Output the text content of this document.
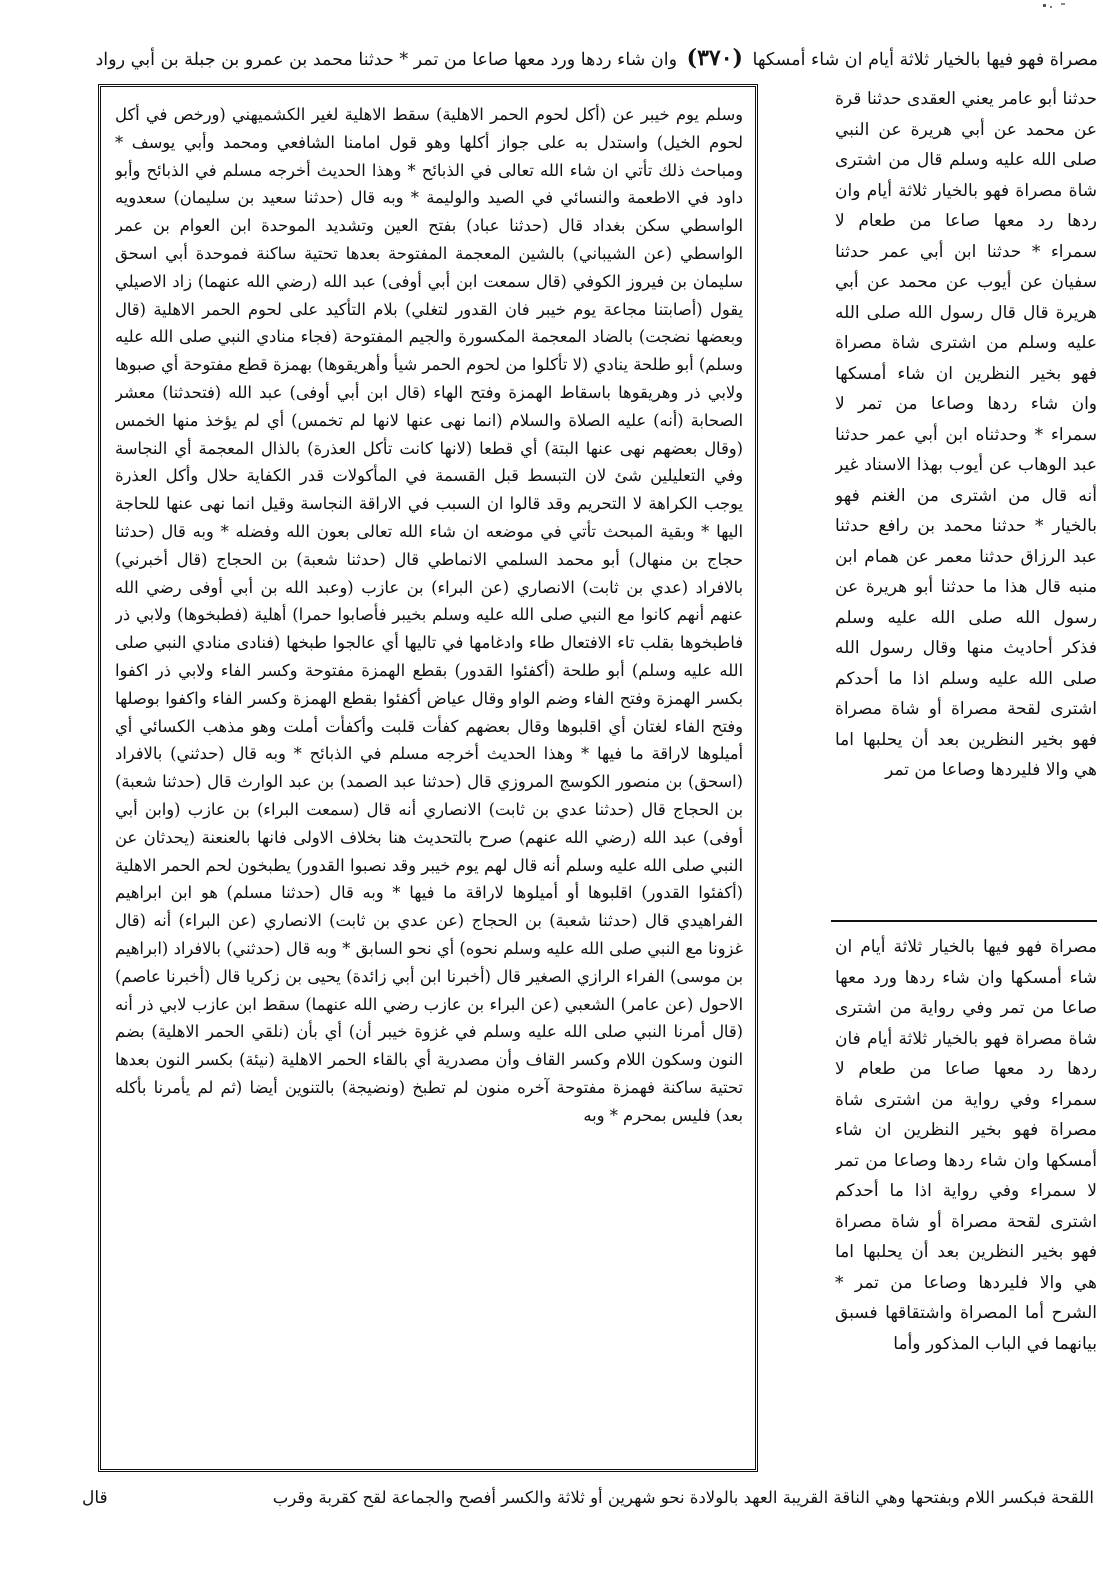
مصراة فهو فيها بالخيار ثلاثة أيام ان شاء أمسكها (٣٧٠) وان شاء ردها ورد معها صاعا من تمر * حدثنا محمد بن عمرو بن جبلة بن أبي رواد

حدثنا أبو عامر يعني العقدى حدثنا قرة عن محمد عن أبي هريرة عن النبي صلى الله عليه وسلم قال من اشترى شاة مصراة فهو بالخيار ثلاثة أيام وان ردها رد معها صاعا من طعام لا سمراء * حدثنا ابن أبي عمر حدثنا سفيان عن أيوب عن محمد عن أبي هريرة قال قال رسول الله صلى الله عليه وسلم من اشترى شاة مصراة فهو بخير النظرين ان شاء أمسكها وان شاء ردها وصاعا من تمر لا سمراء * وحدثناه ابن أبي عمر حدثنا عبد الوهاب عن أيوب بهذا الاسناد غير أنه قال من اشترى من الغنم فهو بالخيار * حدثنا محمد بن رافع حدثنا عبد الرزاق حدثنا معمر عن همام ابن منبه قال هذا ما حدثنا أبو هريرة عن رسول الله صلى الله عليه وسلم فذكر أحاديث منها وقال رسول الله صلى الله عليه وسلم اذا ما أحدكم اشترى لقحة مصراة أو شاة مصراة فهو بخير النظرين بعد أن يحلبها اما هي والا فليردها وصاعا من تمر

مصراة فهو فيها بالخيار ثلاثة أيام ان شاء أمسكها وان شاء ردها ورد معها صاعا من تمر وفي رواية من اشترى شاة مصراة فهو بالخيار ثلاثة أيام فان ردها رد معها صاعا من طعام لا سمراء وفي رواية من اشترى شاة مصراة فهو بخير النظرين ان شاء أمسكها وان شاء ردها وصاعا من تمر لا سمراء وفي رواية اذا ما أحدكم اشترى لقحة مصراة أو شاة مصراة فهو بخير النظرين بعد أن يحلبها اما هي والا فليردها وصاعا من تمر * الشرح أما المصراة واشتقاقها فسبق بيانهما في الباب المذكور وأما

وسلم يوم خيبر عن (أكل لحوم الحمر الاهلية) سقط الاهلية لغير الكشميهني (ورخص في أكل لحوم الخيل) واستدل به على جواز أكلها وهو قول امامنا الشافعي ومحمد وأبي يوسف * ومباحث ذلك تأتي ان شاء الله تعالى في الذبائح * وهذا الحديث أخرجه مسلم في الذبائح وأبو داود في الاطعمة والنسائي في الصيد والوليمة * وبه قال (حدثنا سعيد بن سليمان) سعدويه الواسطي سكن بغداد قال (حدثنا عباد) بفتح العين وتشديد الموحدة ابن العوام بن عمر الواسطي (عن الشيباني) بالشين المعجمة المفتوحة بعدها تحتية ساكنة فموحدة أبي اسحق سليمان بن فيروز الكوفي (قال سمعت ابن أبي أوفى) عبد الله (رضي الله عنهما) زاد الاصيلي يقول (أصابتنا مجاعة يوم خيبر فان القدور لتغلي) بلام التأكيد على لحوم الحمر الاهلية (قال وبعضها نضجت) بالضاد المعجمة المكسورة والجيم المفتوحة (فجاء منادي النبي صلى الله عليه وسلم) أبو طلحة ينادي (لا تأكلوا من لحوم الحمر شيأ وأهريقوها) بهمزة قطع مفتوحة أي صبوها ولابي ذر وهريقوها باسقاط الهمزة وفتح الهاء (قال ابن أبي أوفى) عبد الله (فتحدثنا) معشر الصحابة (أنه) عليه الصلاة والسلام (انما نهى عنها لانها لم تخمس) أي لم يؤخذ منها الخمس (وقال بعضهم نهى عنها البتة) أي قطعا (لانها كانت تأكل العذرة) بالذال المعجمة أي النجاسة وفي التعليلين شئ لان التبسط قبل القسمة في المأكولات قدر الكفاية حلال وأكل العذرة يوجب الكراهة لا التحريم وقد قالوا ان السبب في الاراقة النجاسة وقيل انما نهى عنها للحاجة اليها * وبقية المبحث تأتي في موضعه ان شاء الله تعالى بعون الله وفضله * وبه قال (حدثنا حجاج بن منهال) أبو محمد السلمي الانماطي قال (حدثنا شعبة) بن الحجاج (قال أخبرني) بالافراد (عدي بن ثابت) الانصاري (عن البراء) بن عازب (وعبد الله بن أبي أوفى رضي الله عنهم أنهم كانوا مع النبي صلى الله عليه وسلم بخيبر فأصابوا حمرا) أهلية (فطبخوها) ولابي ذر فاطبخوها بقلب تاء الافتعال طاء وادغامها في تاليها أي عالجوا طبخها (فنادى منادي النبي صلى الله عليه وسلم) أبو طلحة (أكفئوا القدور) بقطع الهمزة مفتوحة وكسر الفاء ولابي ذر اكفوا بكسر الهمزة وفتح الفاء وضم الواو وقال عياض أكفئوا بقطع الهمزة وكسر الفاء واكفوا بوصلها وفتح الفاء لغتان أي اقلبوها وقال بعضهم كفأت قلبت وأكفأت أملت وهو مذهب الكسائي أي أميلوها لاراقة ما فيها * وهذا الحديث أخرجه مسلم في الذبائح * وبه قال (حدثني) بالافراد (اسحق) بن منصور الكوسج المروزي قال (حدثنا عبد الصمد) بن عبد الوارث قال (حدثنا شعبة) بن الحجاج قال (حدثنا عدي بن ثابت) الانصاري أنه قال (سمعت البراء) بن عازب (وابن أبي أوفى) عبد الله (رضي الله عنهم) صرح بالتحديث هنا بخلاف الاولى فانها بالعنعنة (يحدثان عن النبي صلى الله عليه وسلم أنه قال لهم يوم خيبر وقد نصبوا القدور) يطبخون لحم الحمر الاهلية (أكفئوا القدور) اقلبوها أو أميلوها لاراقة ما فيها * وبه قال (حدثنا مسلم) هو ابن ابراهيم الفراهيدي قال (حدثنا شعبة) بن الحجاج (عن عدي بن ثابت) الانصاري (عن البراء) أنه (قال غزونا مع النبي صلى الله عليه وسلم نحوه) أي نحو السابق * وبه قال (حدثني) بالافراد (ابراهيم بن موسى) الفراء الرازي الصغير قال (أخبرنا ابن أبي زائدة) يحيى بن زكريا قال (أخبرنا عاصم) الاحول (عن عامر) الشعبي (عن البراء بن عازب رضي الله عنهما) سقط ابن عازب لابي ذر أنه (قال أمرنا النبي صلى الله عليه وسلم في غزوة خيبر أن) أي بأن (نلقي الحمر الاهلية) بضم النون وسكون اللام وكسر القاف وأن مصدرية أي بالقاء الحمر الاهلية (نيئة) بكسر النون بعدها تحتية ساكنة فهمزة مفتوحة آخره منون لم تطبخ (ونضيجة) بالتنوين أيضا (ثم لم يأمرنا بأكله بعد) فليس بمحرم * وبه

اللقحة فبكسر اللام وبفتحها وهي الناقة القريبة العهد بالولادة نحو شهرين أو ثلاثة والكسر أفصح والجماعة لقح كقربة وقرب
قال
